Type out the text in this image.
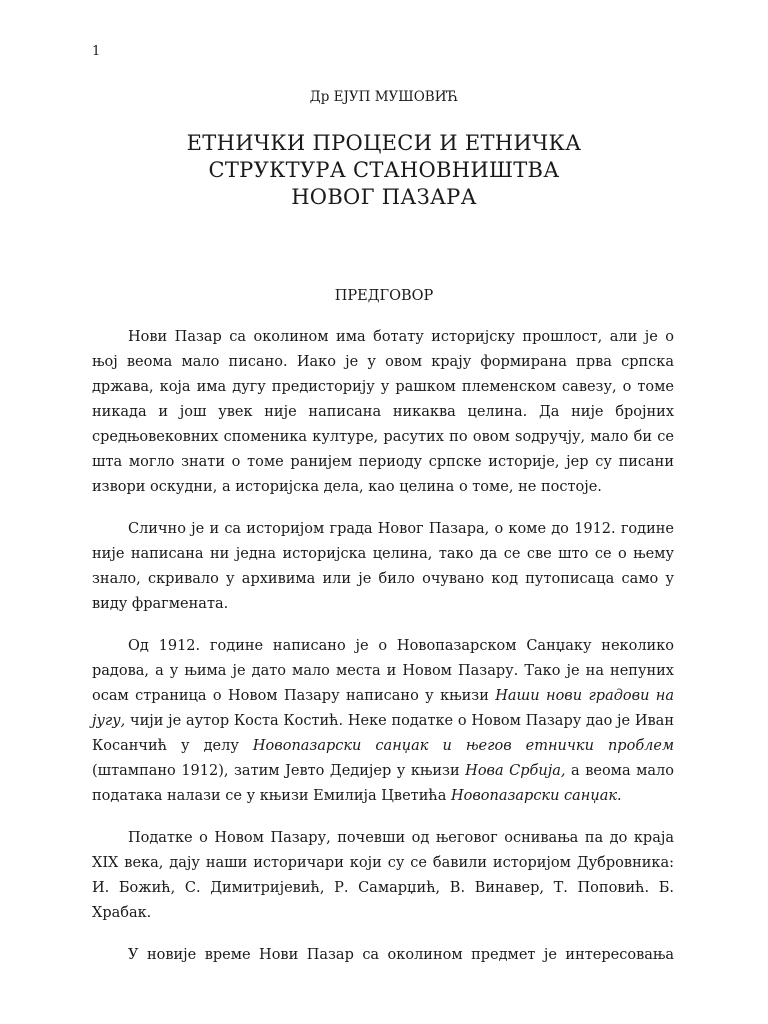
1
Др ЕЈУП МУШОВИЋ
ЕТНИЧКИ ПРОЦЕСИ И ЕТНИЧКА
СТРУКТУРА СТАНОВНИШТВА
НОВОГ ПАЗАРА
ПРЕДГОВОР

Нови Пазар са околином има ботату историјску прошлост, али је о њој веома мало писано. Иако је у овом крају формирана прва српска држава, која има дугу предисторију у рашком племенском савезу, о томе никада и још увек није написана никаква целина. Да није бројних средњовековних споменика културе, расутих по овом ѕодручју, мало би се шта могло знати о томе ранијем периоду српске историје, јер су писани извори оскудни, а историјска дела, као целина о томе, не постоје.

Слично је и са историјом града Новог Пазара, о коме до 1912. године није написана ни једна историјска целина, тако да се све што се о њему знало, скривало у архивима или је било очувано код путописаца само у виду фрагмената.

Од 1912. године написано је о Новопазарском Санџаку неколико радова, а у њима је дато мало места и Новом Пазару. Тако је на непуних осам страница о Новом Пазару написано у књизи Наши нови градови на југу, чији је аутор Коста Костић. Неке податке о Новом Пазару дао је Иван Косанчић у делу Новопазарски санџак и његов етнички проблем (штампано 1912), затим Јевто Дедијер у књизи Нова Србија, а веома мало података налази се у књизи Емилија Цветића Новопазарски санџак.

Податке о Новом Пазару, почевши од његовог оснивања па до краја XIX века, дају наши историчари који су се бавили историјом Дубровника: И. Божић, С. Димитријевић, Р. Самарџић, В. Винавер, Т. Поповић. Б. Храбак.

У новије време Нови Пазар са околином предмет је интересовања
